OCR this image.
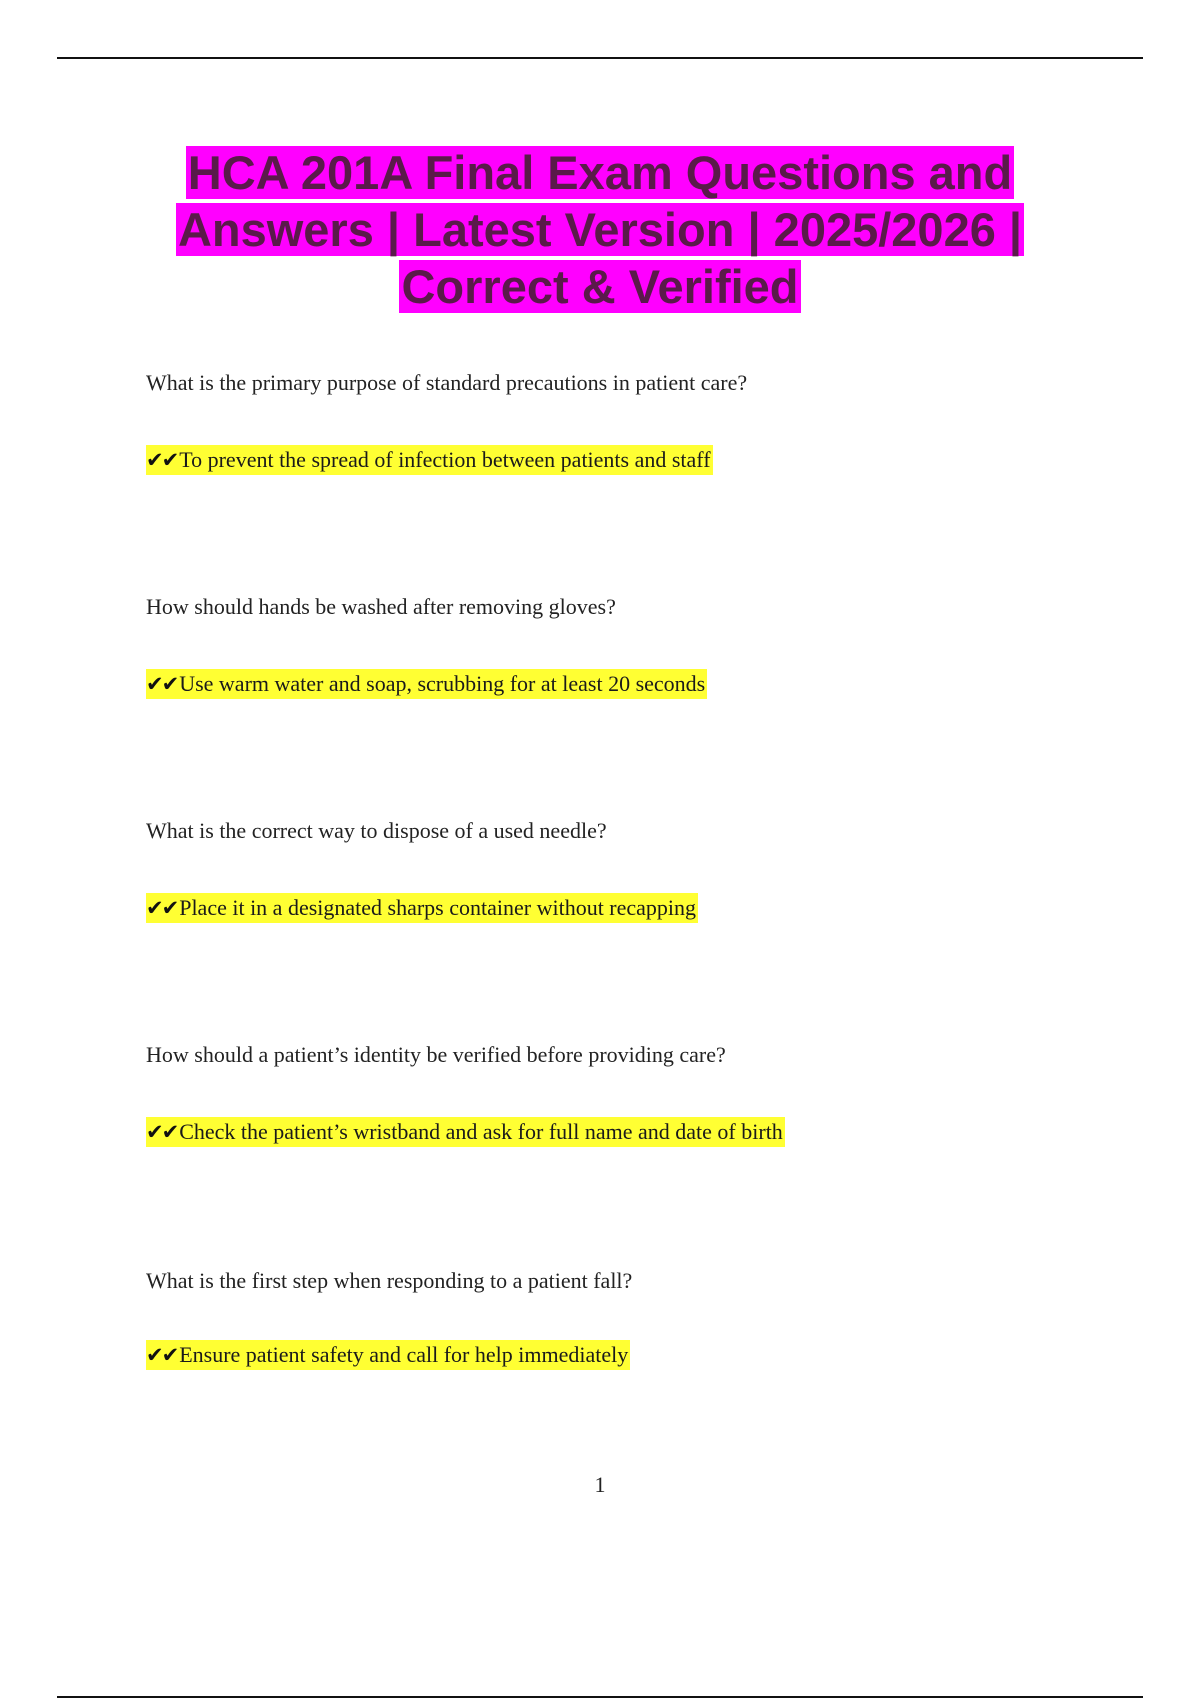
HCA 201A Final Exam Questions and Answers | Latest Version | 2025/2026 | Correct & Verified

What is the primary purpose of standard precautions in patient care?

✔✔To prevent the spread of infection between patients and staff

How should hands be washed after removing gloves?

✔✔Use warm water and soap, scrubbing for at least 20 seconds

What is the correct way to dispose of a used needle?

✔✔Place it in a designated sharps container without recapping

How should a patient’s identity be verified before providing care?

✔✔Check the patient’s wristband and ask for full name and date of birth

What is the first step when responding to a patient fall?

✔✔Ensure patient safety and call for help immediately
1
